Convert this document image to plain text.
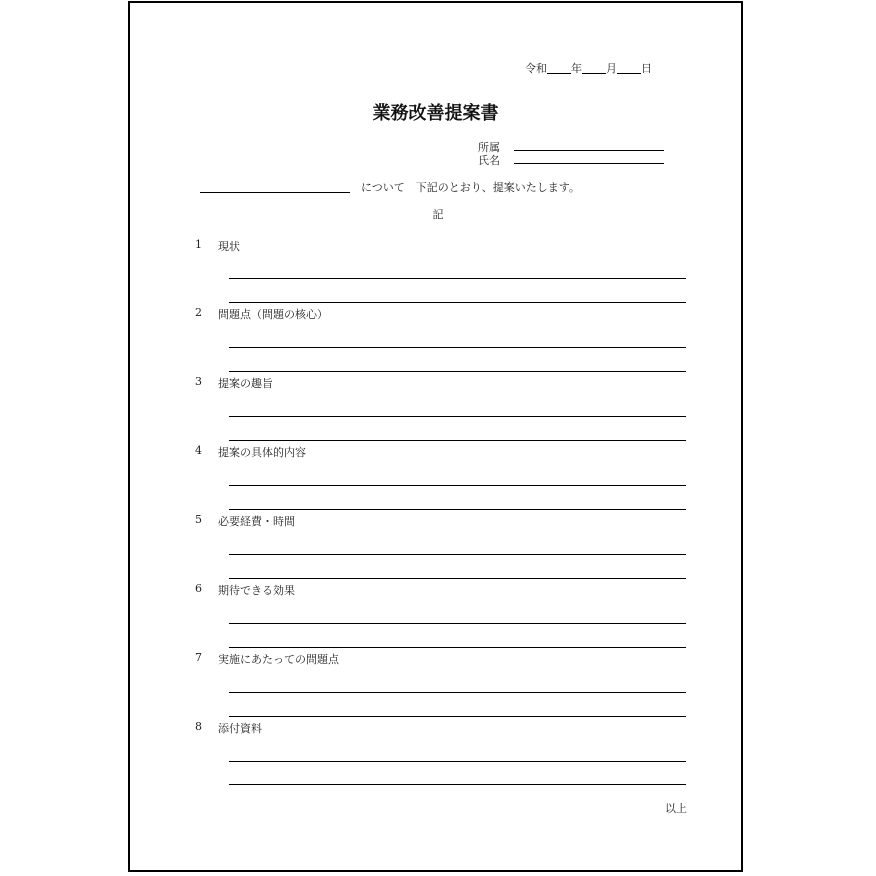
令和 年 月 日
業務改善提案書
所属
氏名
について　下記のとおり、提案いたします。
記
1 現状
2 問題点（問題の核心）
3 提案の趣旨
4 提案の具体的内容
5 必要経費・時間
6 期待できる効果
7 実施にあたっての問題点
8 添付資料
以上
